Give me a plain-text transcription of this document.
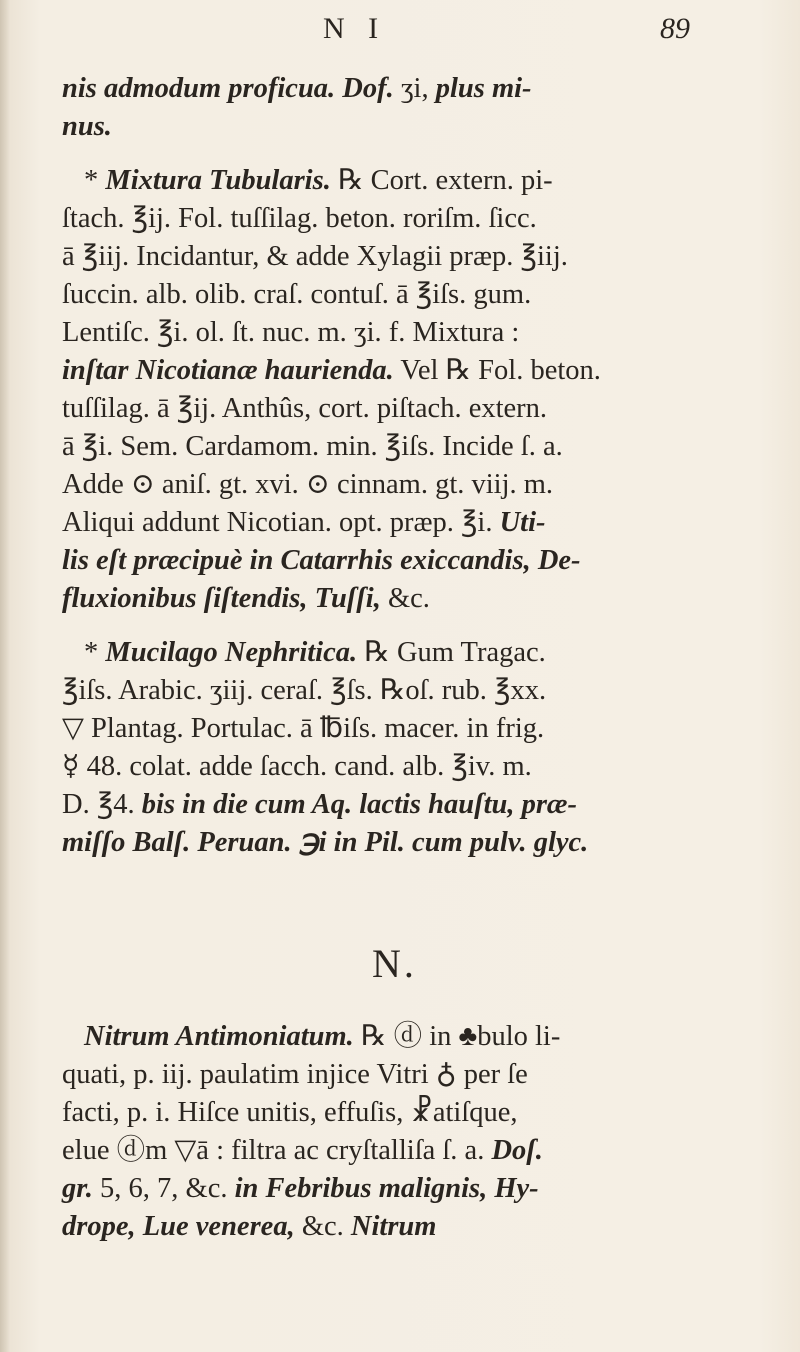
N I	89
nis admodum proficua. Dof. ʒi, plus mi-
nus.
* Mixtura Tubularis. ℞ Cort. extern. pi-
ſtach. ℥ij. Fol. tuſſilag. beton. roriſm. ſicc.
ā ℥iij. Incidantur, & adde Xylagii præp. ℥iij.
ſuccin. alb. olib. craſ. contuſ. ā ℥iſs. gum.
Lentiſc. ℥i. ol. ſt. nuc. m. ʒi. f. Mixtura :
inſtar Nicotianæ haurienda. Vel ℞ Fol. beton.
tuſſilag. ā ℥ij. Anthûs, cort. piſtach. extern.
ā ℥i. Sem. Cardamom. min. ℥iſs. Incide ſ. a.
Adde ⊙ aniſ. gt. xvi. ⊙ cinnam. gt. viij. m.
Aliqui addunt Nicotian. opt. præp. ℥i. Uti-
lis eſt præcipuè in Catarrhis exiccandis, De-
fluxionibus ſiſtendis, Tuſſi, &c.
* Mucilago Nephritica. ℞ Gum Tragac.
℥iſs. Arabic. ʒiij. ceraſ. ℥ſs. ℞oſ. rub. ℥xx.
▽ Plantag. Portulac. ā ℔iſs. macer. in frig.
☿ 48. colat. adde ſacch. cand. alb. ℥iv. m.
D. ℥4. bis in die cum Aq. lactis hauſtu, præ-
miſſo Balſ. Peruan. ℈i in Pil. cum pulv. glyc.
Nitrum Antimoniatum. ℞ ⓓ in ♣bulo li-
quati, p. iij. paulatim injice Vitri ♁ per ſe
facti, p. i. Hiſce unitis, effuſis, ☧atiſque,
elue ⓓm ▽ā : filtra ac cryſtalliſa ſ. a. Doſ.
gr. 5, 6, 7, &c. in Febribus malignis, Hy-
drope, Lue venerea, &c. Nitrum
N.
